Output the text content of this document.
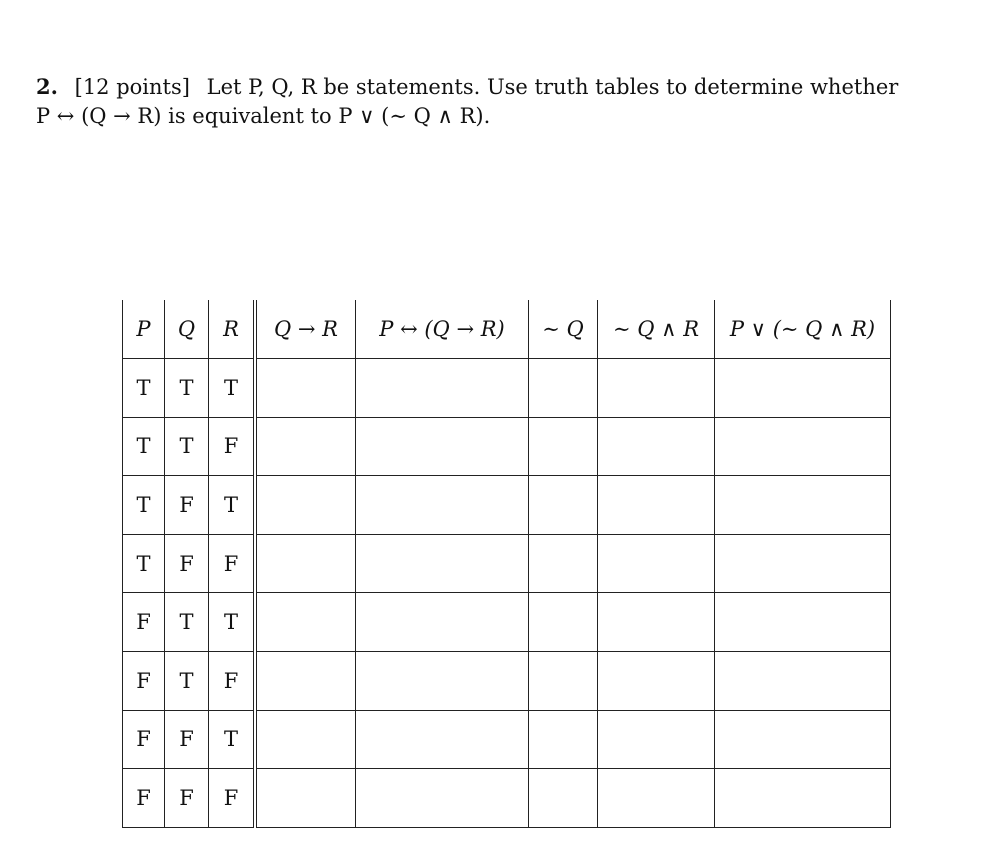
2. [12 points] Let P, Q, R be statements. Use truth tables to determine whether
P ↔ (Q → R) is equivalent to P ∨ (∼ Q ∧ R).
P	Q	R	Q → R	P ↔ (Q → R)	∼ Q	∼ Q ∧ R	P ∨ (∼ Q ∧ R)
T	T	T					
T	T	F					
T	F	T					
T	F	F					
F	T	T					
F	T	F					
F	F	T					
F	F	F					
